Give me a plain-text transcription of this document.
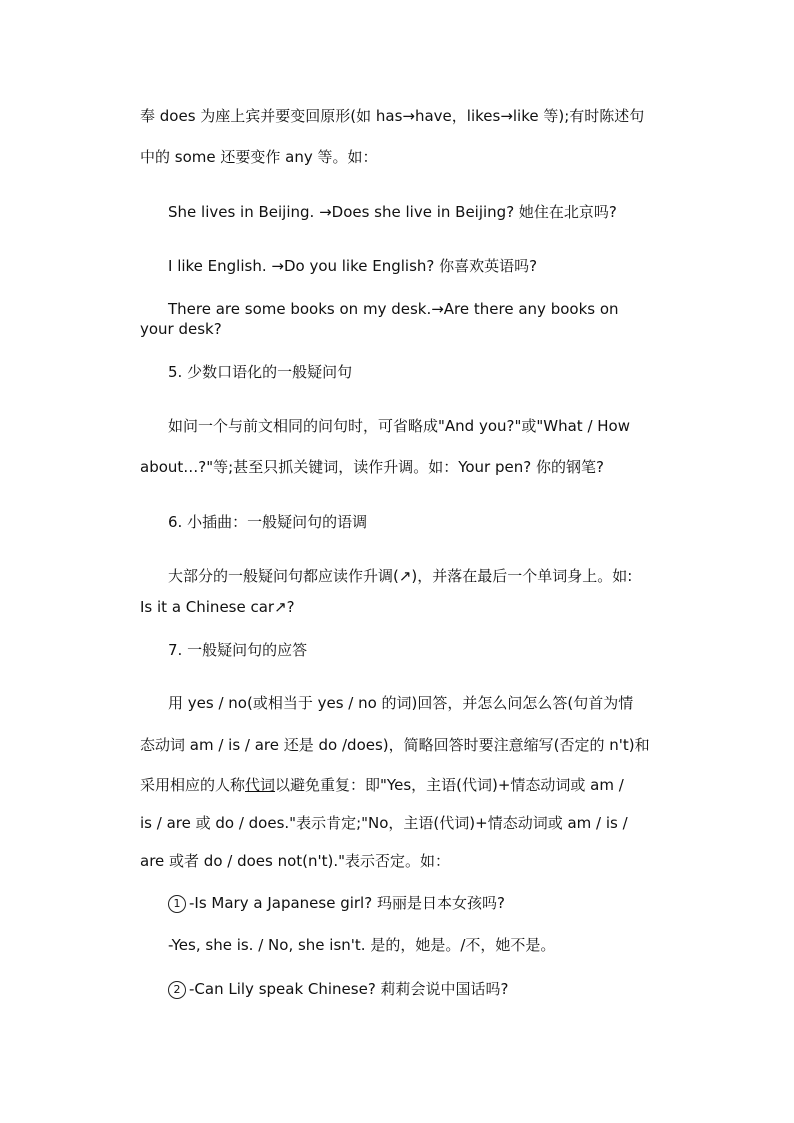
奉 does 为座上宾并要变回原形(如 has→have，likes→like 等);有时陈述句

中的 some 还要变作 any 等。如：

She lives in Beijing. →Does she live in Beijing? 她住在北京吗?

I like English. →Do you like English? 你喜欢英语吗?

There are some books on my desk.→Are there any books on your desk?

5. 少数口语化的一般疑问句

如问一个与前文相同的问句时，可省略成"And you?"或"What / How

about…?"等;甚至只抓关键词，读作升调。如：Your pen? 你的钢笔?

6. 小插曲：一般疑问句的语调

大部分的一般疑问句都应读作升调(↗)，并落在最后一个单词身上。如:

Is it a Chinese car↗?

7. 一般疑问句的应答

用 yes / no(或相当于 yes / no 的词)回答，并怎么问怎么答(句首为情

态动词 am / is / are 还是 do /does)，简略回答时要注意缩写(否定的 n't)和

采用相应的人称代词以避免重复：即"Yes，主语(代词)+情态动词或 am /

is / are 或 do / does."表示肯定;"No，主语(代词)+情态动词或 am / is /

are 或者 do / does not(n't)."表示否定。如：

1 -Is Mary a Japanese girl? 玛丽是日本女孩吗?

-Yes, she is. / No, she isn't. 是的，她是。/不，她不是。

2 -Can Lily speak Chinese? 莉莉会说中国话吗?
